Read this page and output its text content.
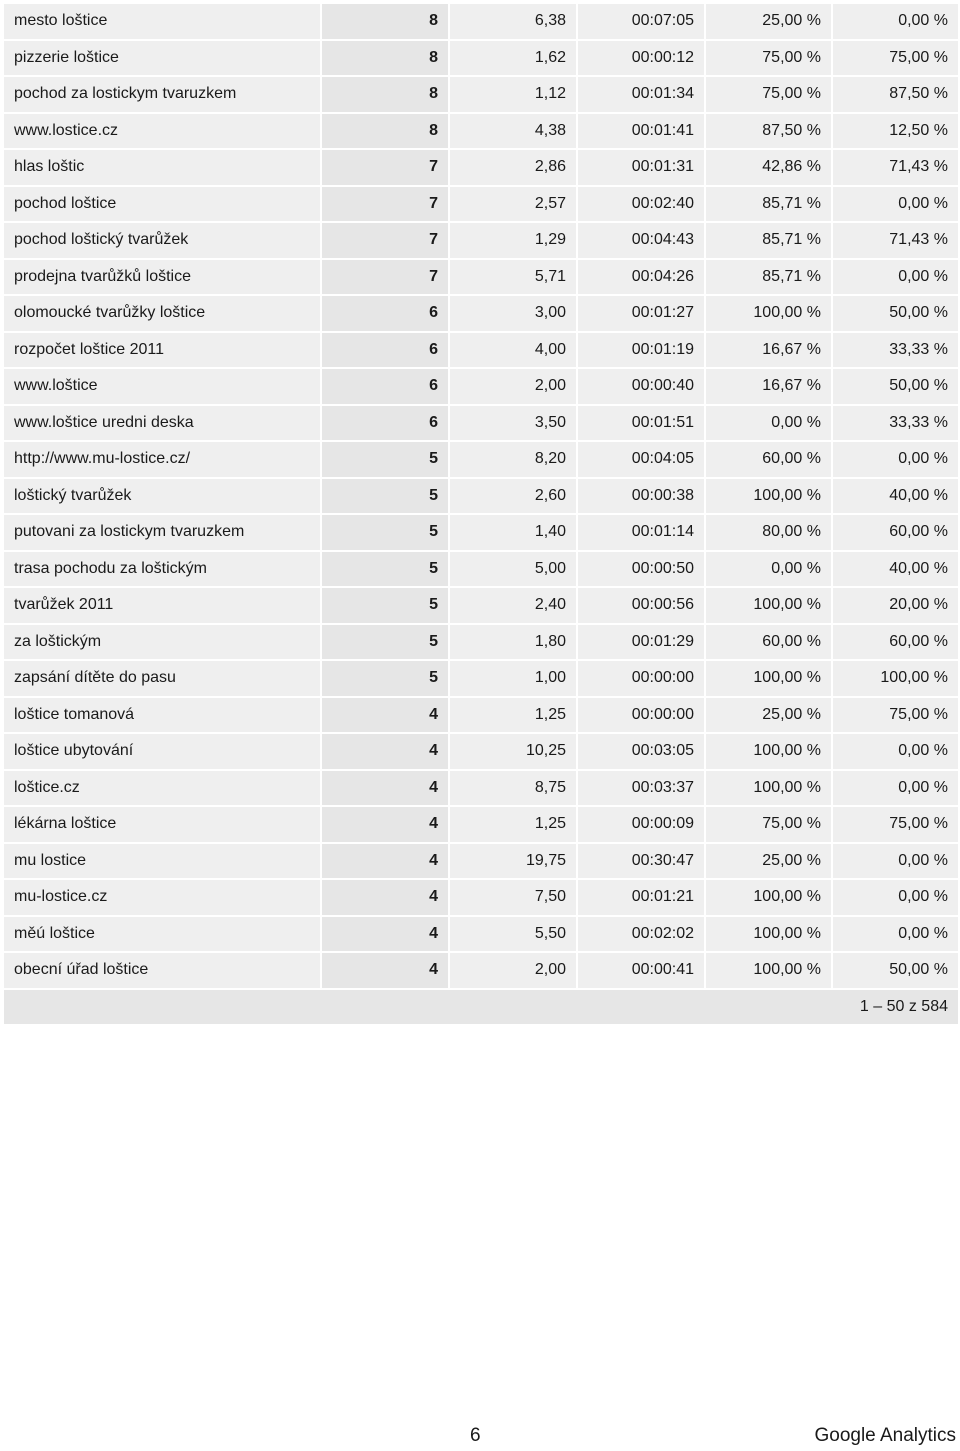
mesto loštice	8	6,38	00:07:05	25,00 %	0,00 %
pizzerie loštice	8	1,62	00:00:12	75,00 %	75,00 %
pochod za lostickym tvaruzkem	8	1,12	00:01:34	75,00 %	87,50 %
www.lostice.cz	8	4,38	00:01:41	87,50 %	12,50 %
hlas loštic	7	2,86	00:01:31	42,86 %	71,43 %
pochod loštice	7	2,57	00:02:40	85,71 %	0,00 %
pochod loštický tvarůžek	7	1,29	00:04:43	85,71 %	71,43 %
prodejna tvarůžků loštice	7	5,71	00:04:26	85,71 %	0,00 %
olomoucké tvarůžky loštice	6	3,00	00:01:27	100,00 %	50,00 %
rozpočet loštice 2011	6	4,00	00:01:19	16,67 %	33,33 %
www.loštice	6	2,00	00:00:40	16,67 %	50,00 %
www.loštice uredni deska	6	3,50	00:01:51	0,00 %	33,33 %
http://www.mu-lostice.cz/	5	8,20	00:04:05	60,00 %	0,00 %
loštický tvarůžek	5	2,60	00:00:38	100,00 %	40,00 %
putovani za lostickym tvaruzkem	5	1,40	00:01:14	80,00 %	60,00 %
trasa pochodu za loštickým	5	5,00	00:00:50	0,00 %	40,00 %
tvarůžek 2011	5	2,40	00:00:56	100,00 %	20,00 %
za loštickým	5	1,80	00:01:29	60,00 %	60,00 %
zapsání dítěte do pasu	5	1,00	00:00:00	100,00 %	100,00 %
loštice tomanová	4	1,25	00:00:00	25,00 %	75,00 %
loštice ubytování	4	10,25	00:03:05	100,00 %	0,00 %
loštice.cz	4	8,75	00:03:37	100,00 %	0,00 %
lékárna loštice	4	1,25	00:00:09	75,00 %	75,00 %
mu lostice	4	19,75	00:30:47	25,00 %	0,00 %
mu-lostice.cz	4	7,50	00:01:21	100,00 %	0,00 %
měú loštice	4	5,50	00:02:02	100,00 %	0,00 %
obecní úřad loštice	4	2,00	00:00:41	100,00 %	50,00 %
1 – 50 z 584					
6	Google Analytics
